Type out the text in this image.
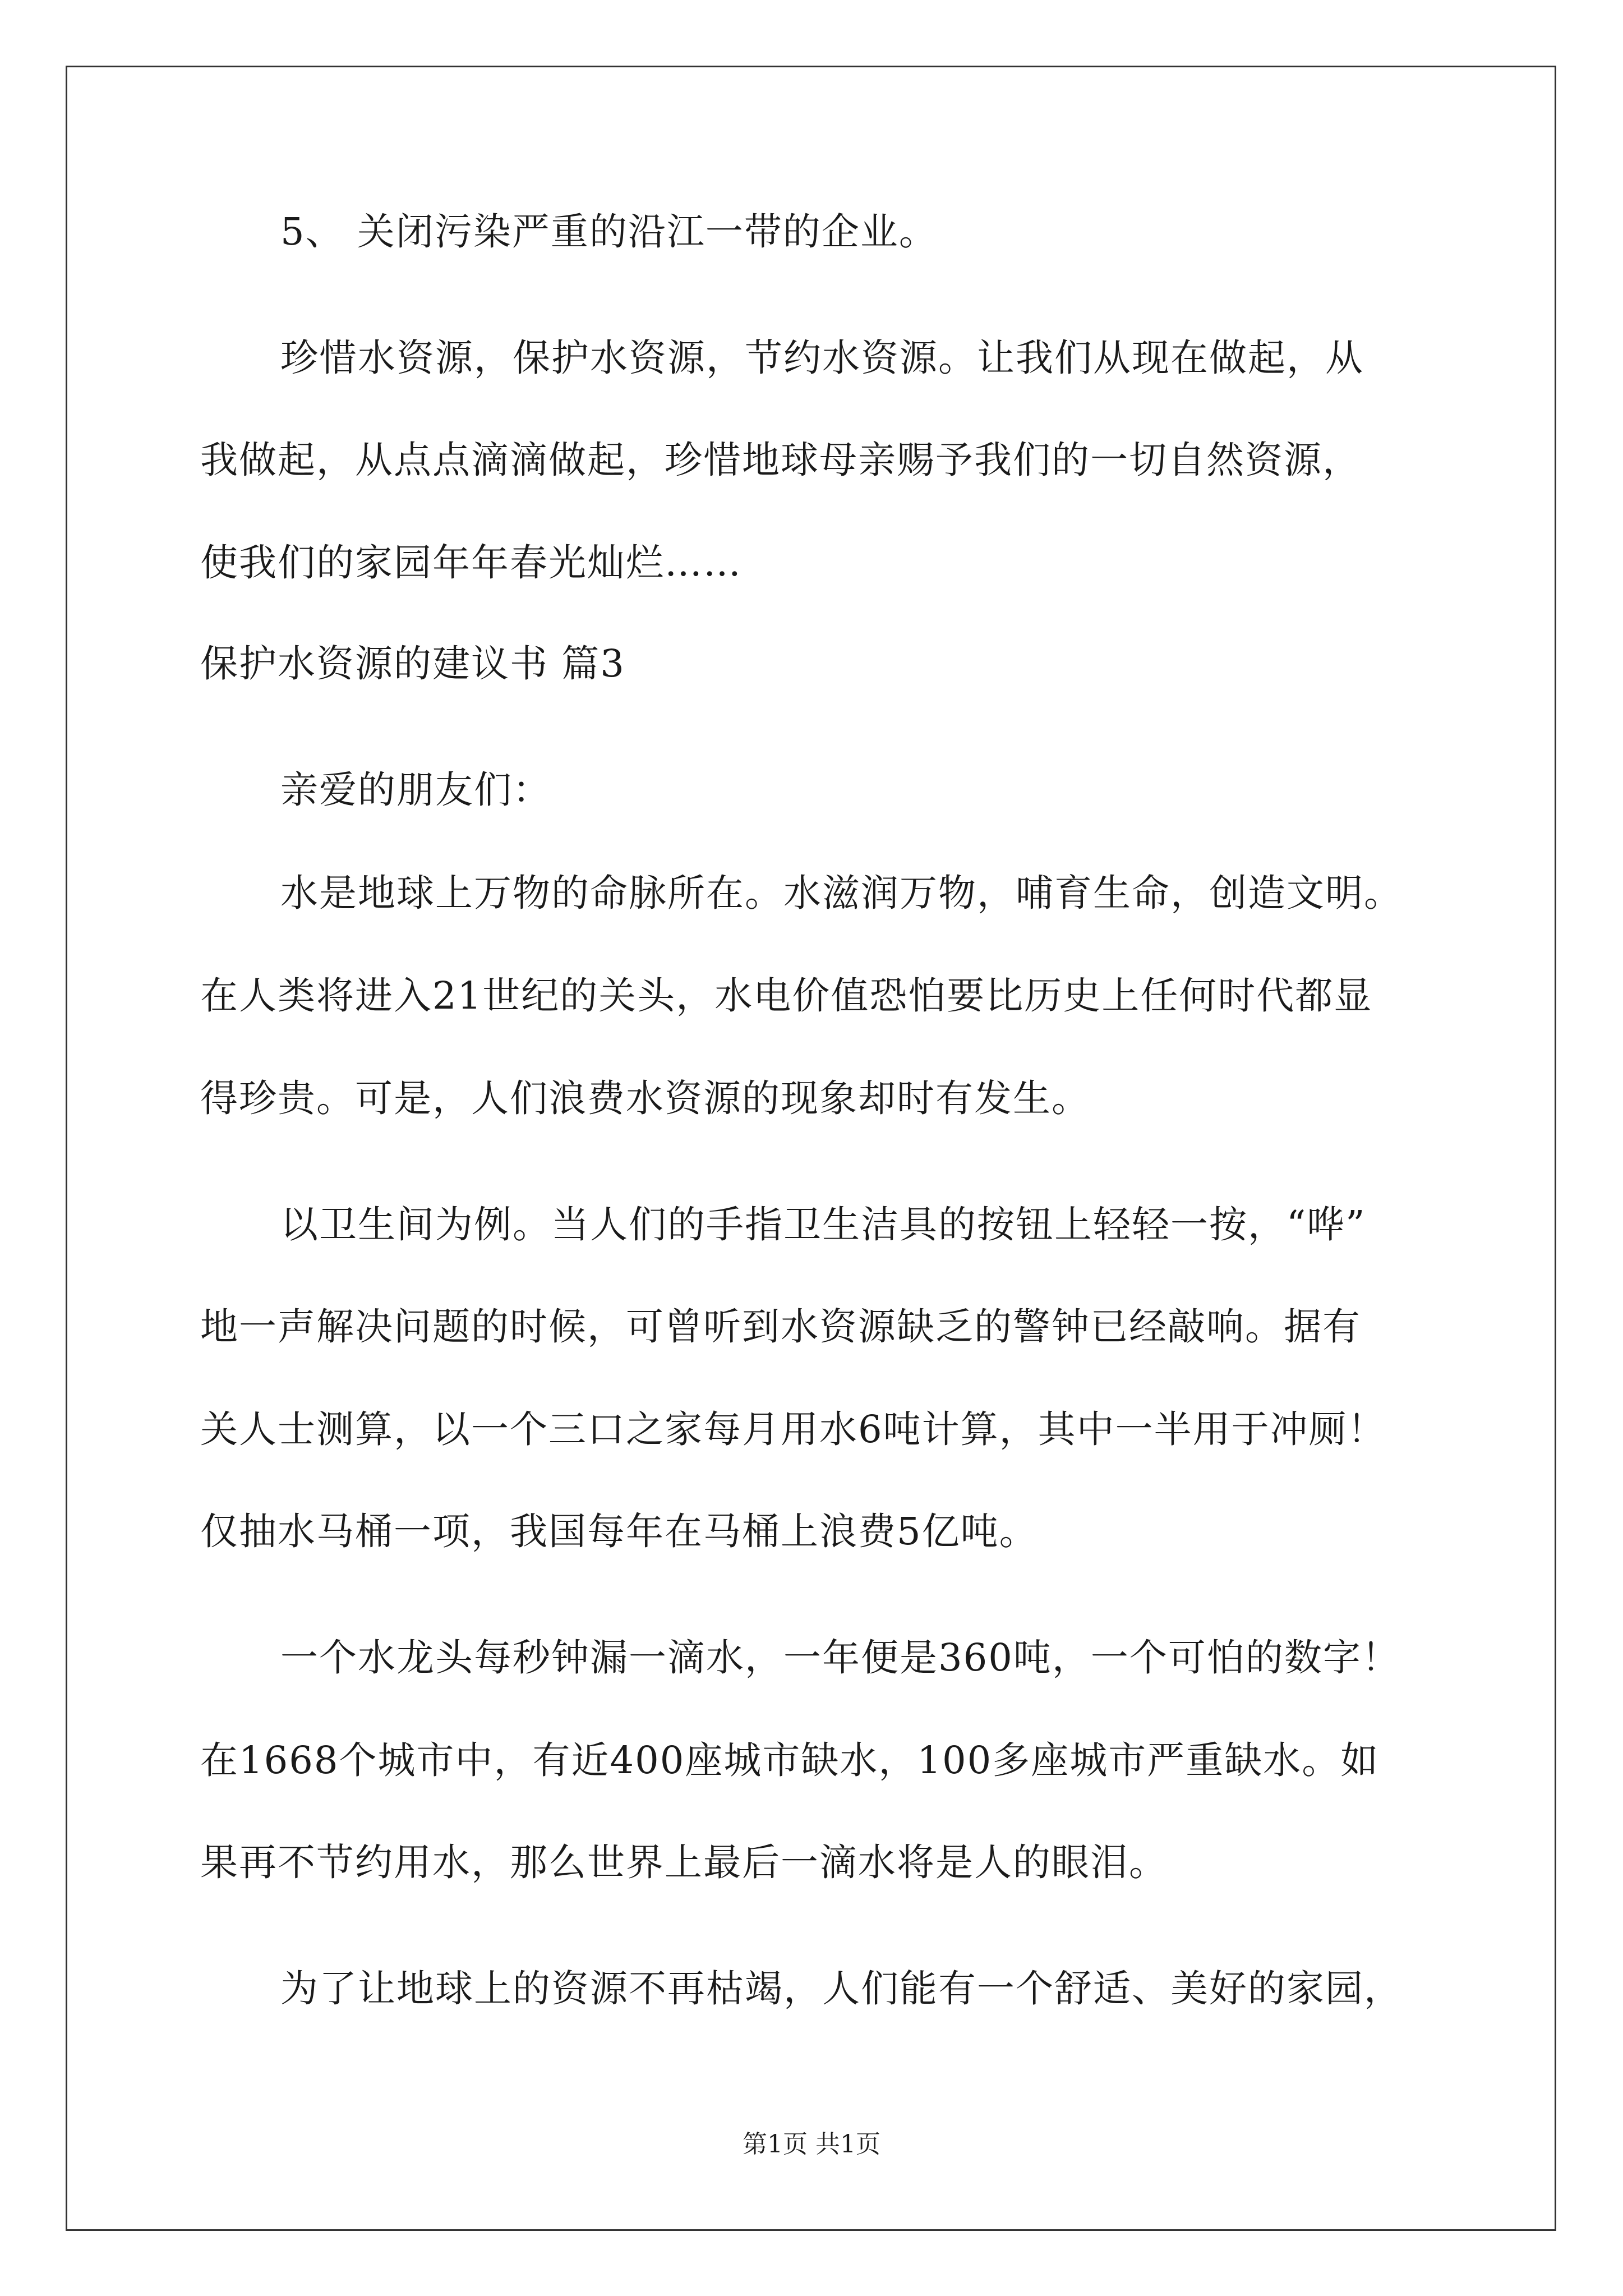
5、 关闭污染严重的沿江一带的企业。
珍惜水资源，保护水资源，节约水资源。让我们从现在做起，从
我做起，从点点滴滴做起，珍惜地球母亲赐予我们的一切自然资源，
使我们的家园年年春光灿烂……
保护水资源的建议书 篇3
亲爱的朋友们：
水是地球上万物的命脉所在。水滋润万物，哺育生命，创造文明。
在人类将进入21世纪的关头，水电价值恐怕要比历史上任何时代都显
得珍贵。可是，人们浪费水资源的现象却时有发生。
以卫生间为例。当人们的手指卫生洁具的按钮上轻轻一按，“哗”
地一声解决问题的时候，可曾听到水资源缺乏的警钟已经敲响。据有
关人士测算，以一个三口之家每月用水6吨计算，其中一半用于冲厕！
仅抽水马桶一项，我国每年在马桶上浪费5亿吨。
一个水龙头每秒钟漏一滴水，一年便是360吨，一个可怕的数字！
在1668个城市中，有近400座城市缺水，100多座城市严重缺水。如
果再不节约用水，那么世界上最后一滴水将是人的眼泪。
为了让地球上的资源不再枯竭，人们能有一个舒适、美好的家园，
第1页 共1页
